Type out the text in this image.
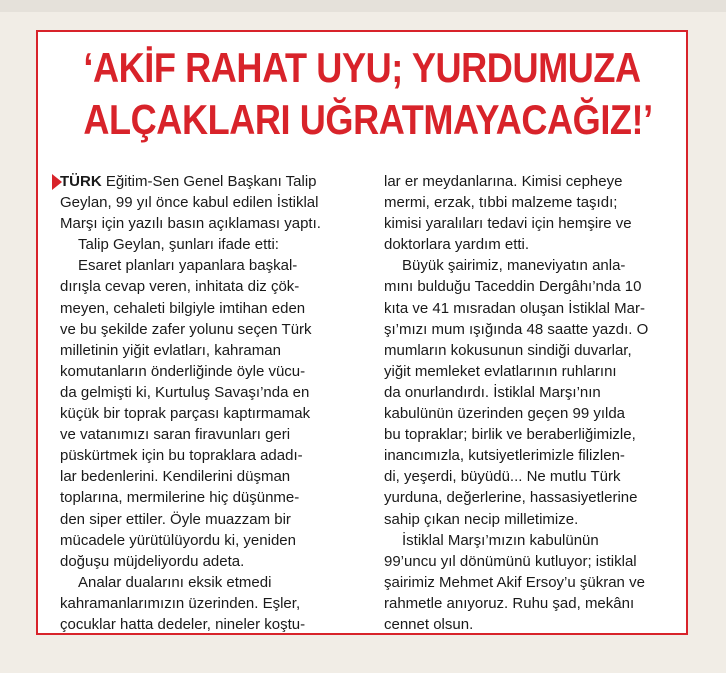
‘AKİF RAHAT UYU; YURDUMUZA
ALÇAKLARI UĞRATMAYACAĞIZ!’

TÜRK Eğitim-Sen Genel Başkanı Talip

Geylan, 99 yıl önce kabul edilen İstiklal

Marşı için yazılı basın açıklaması yaptı.

Talip Geylan, şunları ifade etti:

Esaret planları yapanlara başkal-

dırışla cevap veren, inhitata diz çök-

meyen, cehaleti bilgiyle imtihan eden

ve bu şekilde zafer yolunu seçen Türk

milletinin yiğit evlatları, kahraman

komutanların önderliğinde öyle vücu-

da gelmişti ki, Kurtuluş Savaşı’nda en

küçük bir toprak parçası kaptırmamak

ve vatanımızı saran firavunları geri

püskürtmek için bu topraklara adadı-

lar bedenlerini. Kendilerini düşman

toplarına, mermilerine hiç düşünme-

den siper ettiler. Öyle muazzam bir

mücadele yürütülüyordu ki, yeniden

doğuşu müjdeliyordu adeta.

Analar dualarını eksik etmedi

kahramanlarımızın üzerinden. Eşler,

çocuklar hatta dedeler, nineler koştu-

lar er meydanlarına. Kimisi cepheye

mermi, erzak, tıbbi malzeme taşıdı;

kimisi yaralıları tedavi için hemşire ve

doktorlara yardım etti.

Büyük şairimiz, maneviyatın anla-

mını bulduğu Taceddin Dergâhı’nda 10

kıta ve 41 mısradan oluşan İstiklal Mar-

şı’mızı mum ışığında 48 saatte yazdı. O

mumların kokusunun sindiği duvarlar,

yiğit memleket evlatlarının ruhlarını

da onurlandırdı. İstiklal Marşı’nın

kabulünün üzerinden geçen 99 yılda

bu topraklar; birlik ve beraberliğimizle,

inancımızla, kutsiyetlerimizle filizlen-

di, yeşerdi, büyüdü... Ne mutlu Türk

yurduna, değerlerine, hassasiyetlerine

sahip çıkan necip milletimize.

İstiklal Marşı’mızın kabulünün

99’uncu yıl dönümünü kutluyor; istiklal

şairimiz Mehmet Akif Ersoy’u şükran ve

rahmetle anıyoruz. Ruhu şad, mekânı

cennet olsun.
